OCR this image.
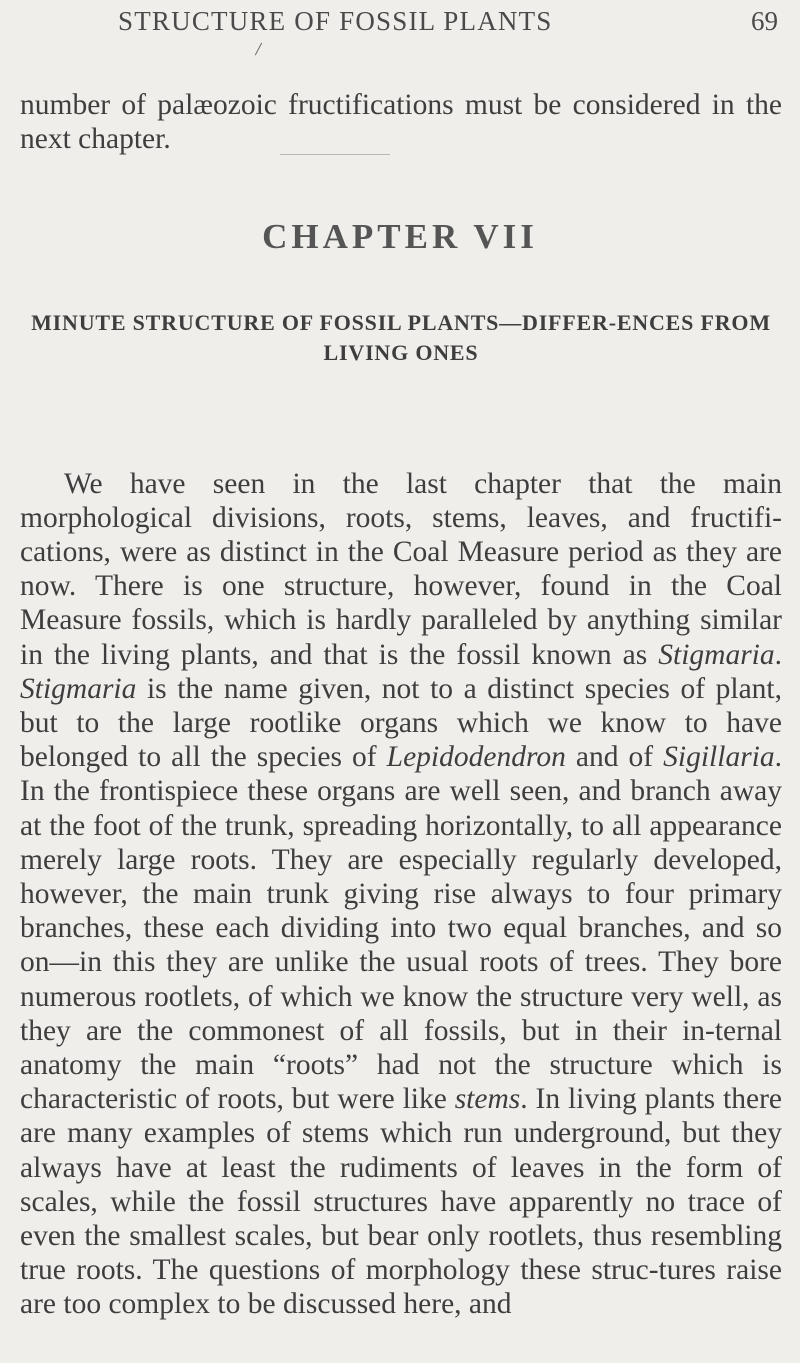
STRUCTURE OF FOSSIL PLANTS	69

number of palæozoic fructifications must be considered in the next chapter.

CHAPTER VII
MINUTE STRUCTURE OF FOSSIL PLANTS—DIFFER-ENCES FROM LIVING ONES

We have seen in the last chapter that the main morphological divisions, roots, stems, leaves, and fructifi-cations, were as distinct in the Coal Measure period as they are now. There is one structure, however, found in the Coal Measure fossils, which is hardly paralleled by anything similar in the living plants, and that is the fossil known as Stigmaria. Stigmaria is the name given, not to a distinct species of plant, but to the large rootlike organs which we know to have belonged to all the species of Lepidodendron and of Sigillaria. In the frontispiece these organs are well seen, and branch away at the foot of the trunk, spreading horizontally, to all appearance merely large roots. They are especially regularly developed, however, the main trunk giving rise always to four primary branches, these each dividing into two equal branches, and so on—in this they are unlike the usual roots of trees. They bore numerous rootlets, of which we know the structure very well, as they are the commonest of all fossils, but in their in-ternal anatomy the main “roots” had not the structure which is characteristic of roots, but were like stems. In living plants there are many examples of stems which run underground, but they always have at least the rudiments of leaves in the form of scales, while the fossil structures have apparently no trace of even the smallest scales, but bear only rootlets, thus resembling true roots. The questions of morphology these struc-tures raise are too complex to be discussed here, and
